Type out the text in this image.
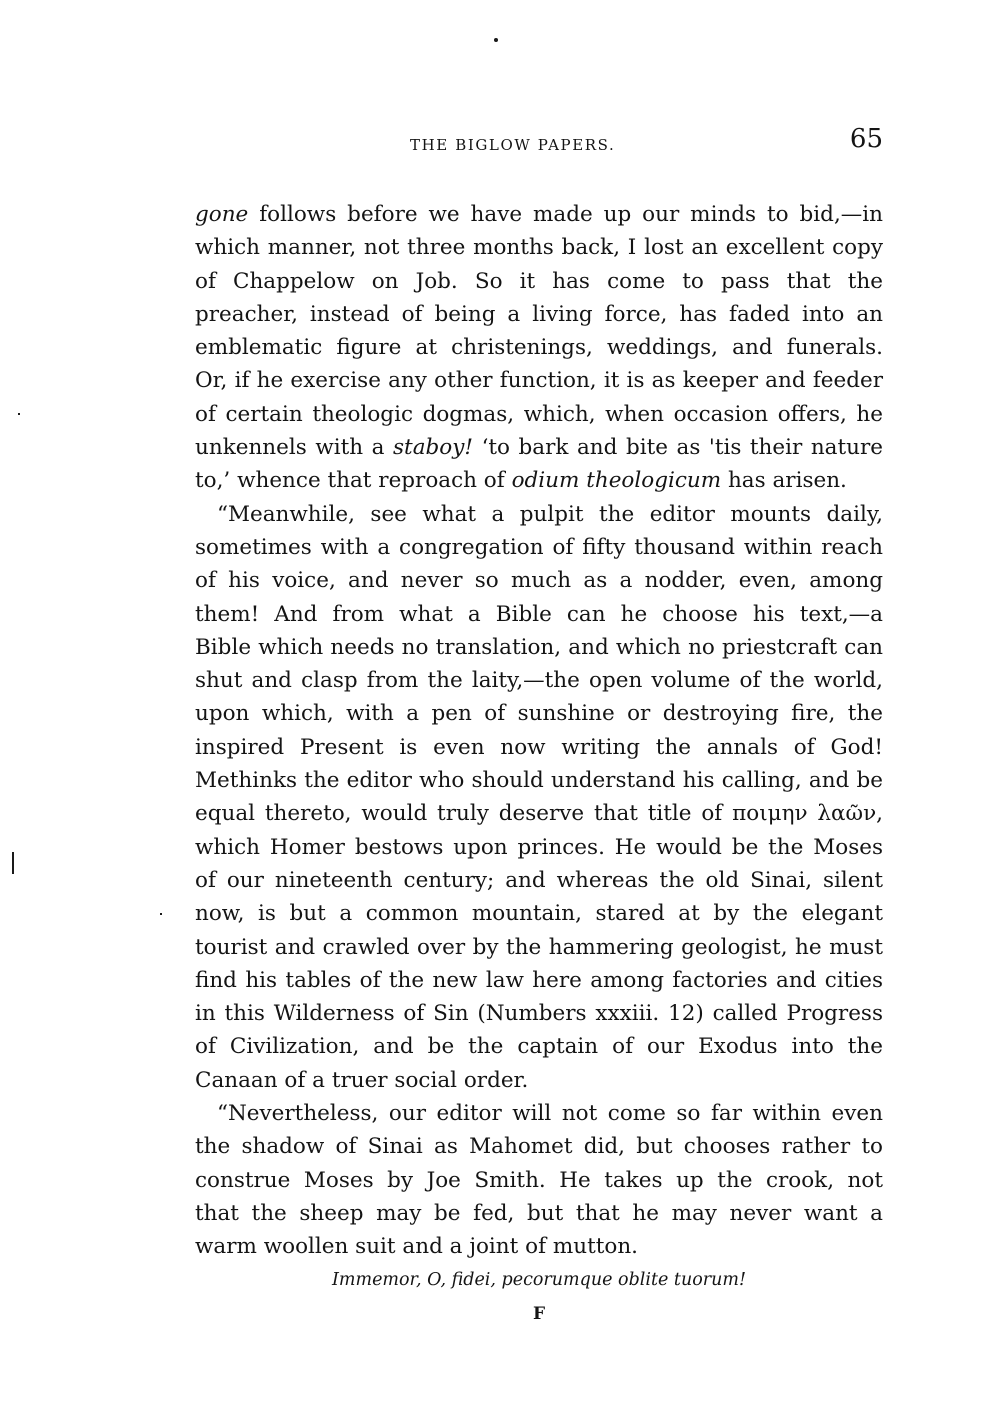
THE BIGLOW PAPERS.	65
gone follows before we have made up our minds to bid,—in
which manner, not three months back, I lost an excellent copy
of Chappelow on Job. So it has come to pass that the
preacher, instead of being a living force, has faded into an
emblematic figure at christenings, weddings, and funerals.
Or, if he exercise any other function, it is as keeper and feeder
of certain theologic dogmas, which, when occasion offers, he
unkennels with a staboy! ‘to bark and bite as 'tis their nature
to,’ whence that reproach of odium theologicum has arisen.
“Meanwhile, see what a pulpit the editor mounts daily,
sometimes with a congregation of fifty thousand within reach
of his voice, and never so much as a nodder, even, among
them! And from what a Bible can he choose his text,—a
Bible which needs no translation, and which no priestcraft can
shut and clasp from the laity,—the open volume of the world,
upon which, with a pen of sunshine or destroying fire, the
inspired Present is even now writing the annals of God!
Methinks the editor who should understand his calling, and be
equal thereto, would truly deserve that title of ποιμην λαῶν,
which Homer bestows upon princes. He would be the Moses
of our nineteenth century; and whereas the old Sinai, silent
now, is but a common mountain, stared at by the elegant
tourist and crawled over by the hammering geologist, he must
find his tables of the new law here among factories and cities
in this Wilderness of Sin (Numbers xxxiii. 12) called Progress
of Civilization, and be the captain of our Exodus into the
Canaan of a truer social order.
“Nevertheless, our editor will not come so far within even
the shadow of Sinai as Mahomet did, but chooses rather to
construe Moses by Joe Smith. He takes up the crook, not
that the sheep may be fed, but that he may never want a
warm woollen suit and a joint of mutton.
Immemor, O, fidei, pecorumque oblite tuorum!
F
